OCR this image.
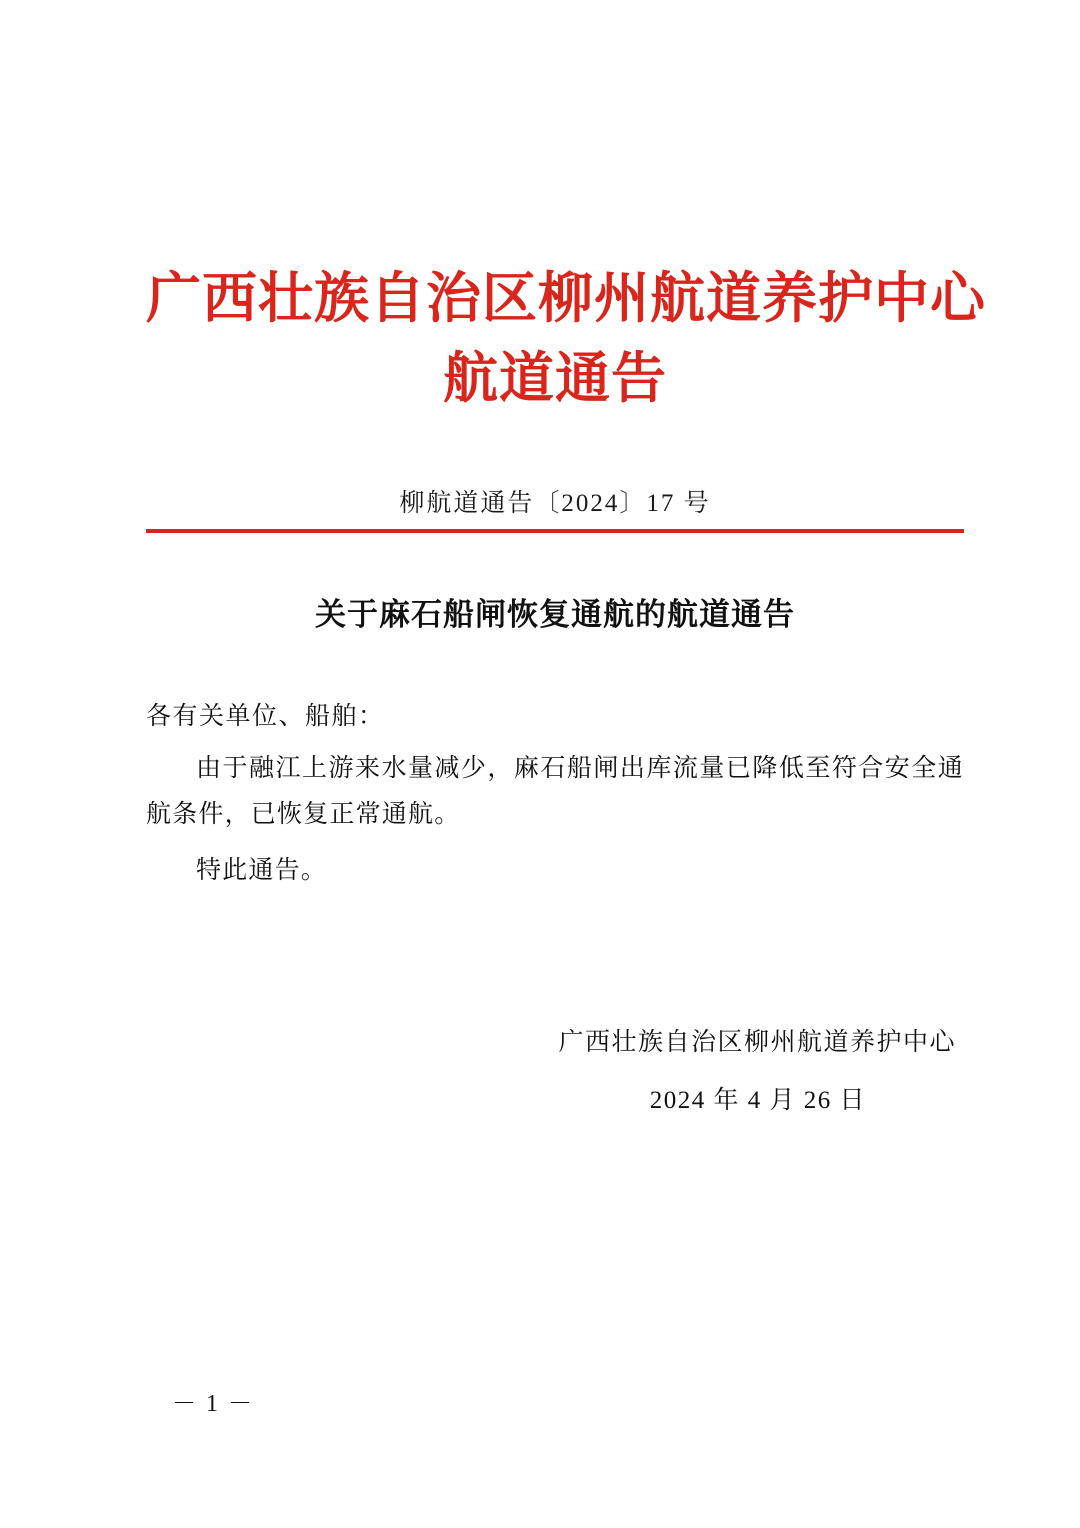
广西壮族自治区柳州航道养护中心
航道通告
柳航道通告〔2024〕17 号
关于麻石船闸恢复通航的航道通告
各有关单位、船舶：
由于融江上游来水量减少，麻石船闸出库流量已降低至符合安全通航条件，已恢复正常通航。
特此通告。
广西壮族自治区柳州航道养护中心
2024 年 4 月 26 日
－ 1 －
